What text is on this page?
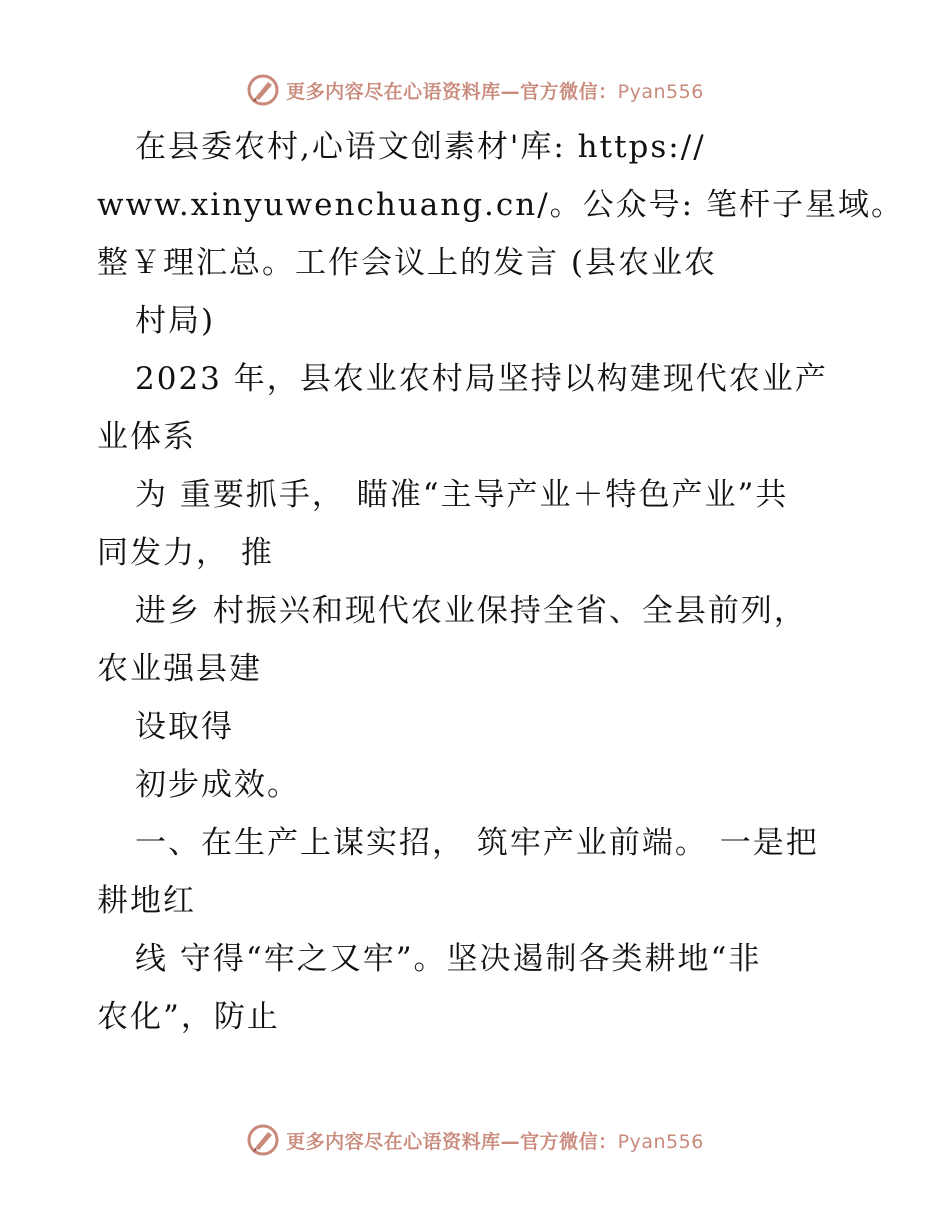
更多内容尽在心语资料库—官方微信：Pyan556
在县委农村,心语文创素材'库: https://
www.xinyuwenchuang.cn/。公众号: 笔杆子星域。
整￥理汇总。工作会议上的发言 (县农业农
村局)
2023 年，县农业农村局坚持以构建现代农业产
业体系
为 重要抓手， 瞄准“主导产业＋特色产业”共
同发力， 推
进乡 村振兴和现代农业保持全省、全县前列，
农业强县建
设取得
初步成效。
一、在生产上谋实招， 筑牢产业前端。 一是把
耕地红
线 守得“牢之又牢”。坚决遏制各类耕地“非
农化”，防止
更多内容尽在心语资料库—官方微信：Pyan556
